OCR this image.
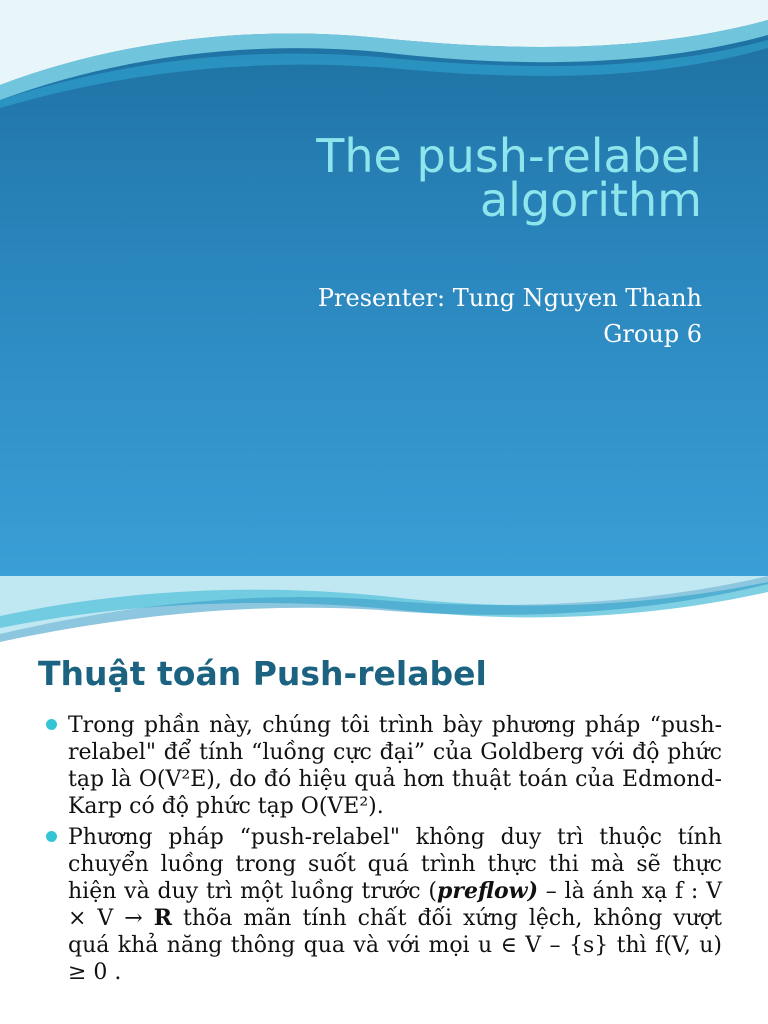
The push-relabel
algorithm
Presenter: Tung Nguyen Thanh
Group 6
Thuật toán Push-relabel
Trong phần này, chúng tôi trình bày phương pháp “push-relabel" để tính “luồng cực đại” của Goldberg với độ phức tạp là O(V²E), do đó hiệu quả hơn thuật toán của Edmond-Karp có độ phức tạp O(VE²).
Phương pháp “push-relabel" không duy trì thuộc tính chuyển luồng trong suốt quá trình thực thi mà sẽ thực hiện và duy trì một luồng trước (preflow) – là ánh xạ f : V × V → R thõa mãn tính chất đối xứng lệch, không vượt quá khả năng thông qua và với mọi u ∈ V – {s} thì f(V, u) ≥ 0 .
